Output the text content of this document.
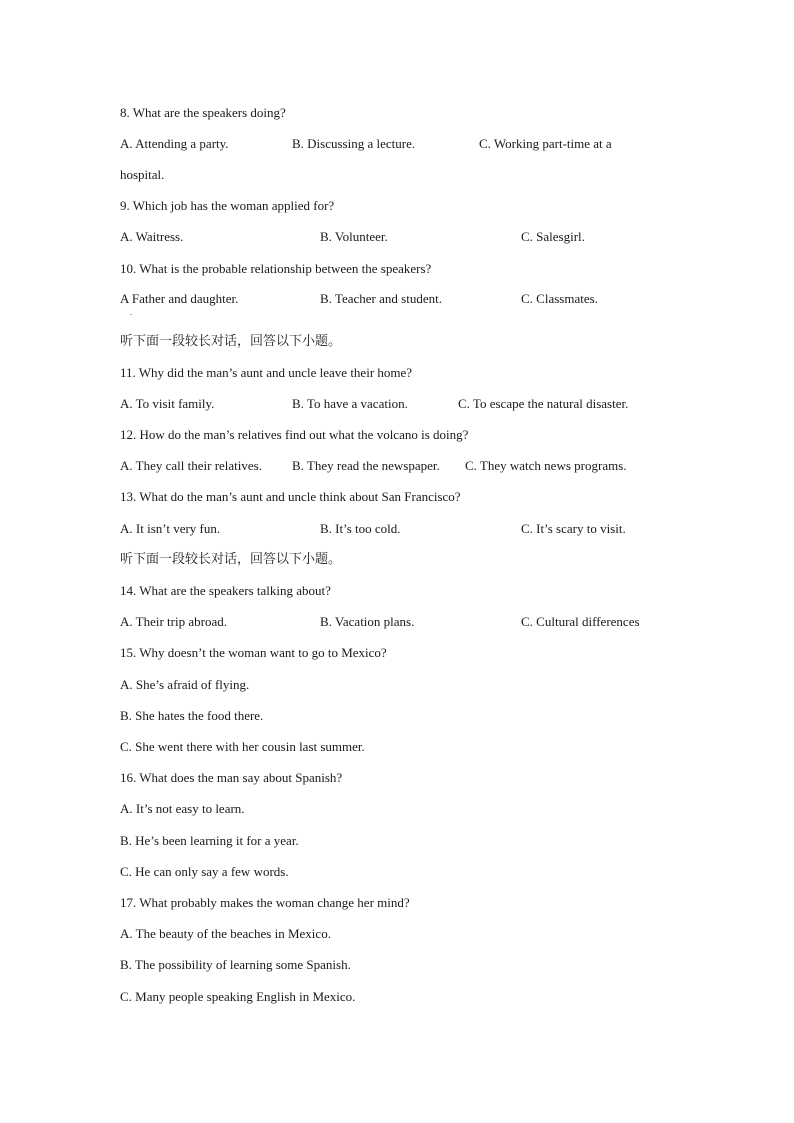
8. What are the speakers doing?
A. Attending a party.	B. Discussing a lecture.	C. Working part-time at a
hospital.
9. Which job has the woman applied for?
A. Waitress.	B. Volunteer.	C. Salesgirl.
10. What is the probable relationship between the speakers?
A Father and daughter.	B. Teacher and student.	C. Classmates.
.
听下面一段较长对话，回答以下小题。
11. Why did the man’s aunt and uncle leave their home?
A. To visit family.	B. To have a vacation.	C. To escape the natural disaster.
12. How do the man’s relatives find out what the volcano is doing?
A. They call their relatives. B. They read the newspaper. C. They watch news programs.
13. What do the man’s aunt and uncle think about San Francisco?
A. It isn’t very fun.	B. It’s too cold.	C. It’s scary to visit.
听下面一段较长对话，回答以下小题。
14. What are the speakers talking about?
A. Their trip abroad.	B. Vacation plans.	C. Cultural differences
15. Why doesn’t the woman want to go to Mexico?
A. She’s afraid of flying.
B. She hates the food there.
C. She went there with her cousin last summer.
16. What does the man say about Spanish?
A. It’s not easy to learn.
B. He’s been learning it for a year.
C. He can only say a few words.
17. What probably makes the woman change her mind?
A. The beauty of the beaches in Mexico.
B. The possibility of learning some Spanish.
C. Many people speaking English in Mexico.
